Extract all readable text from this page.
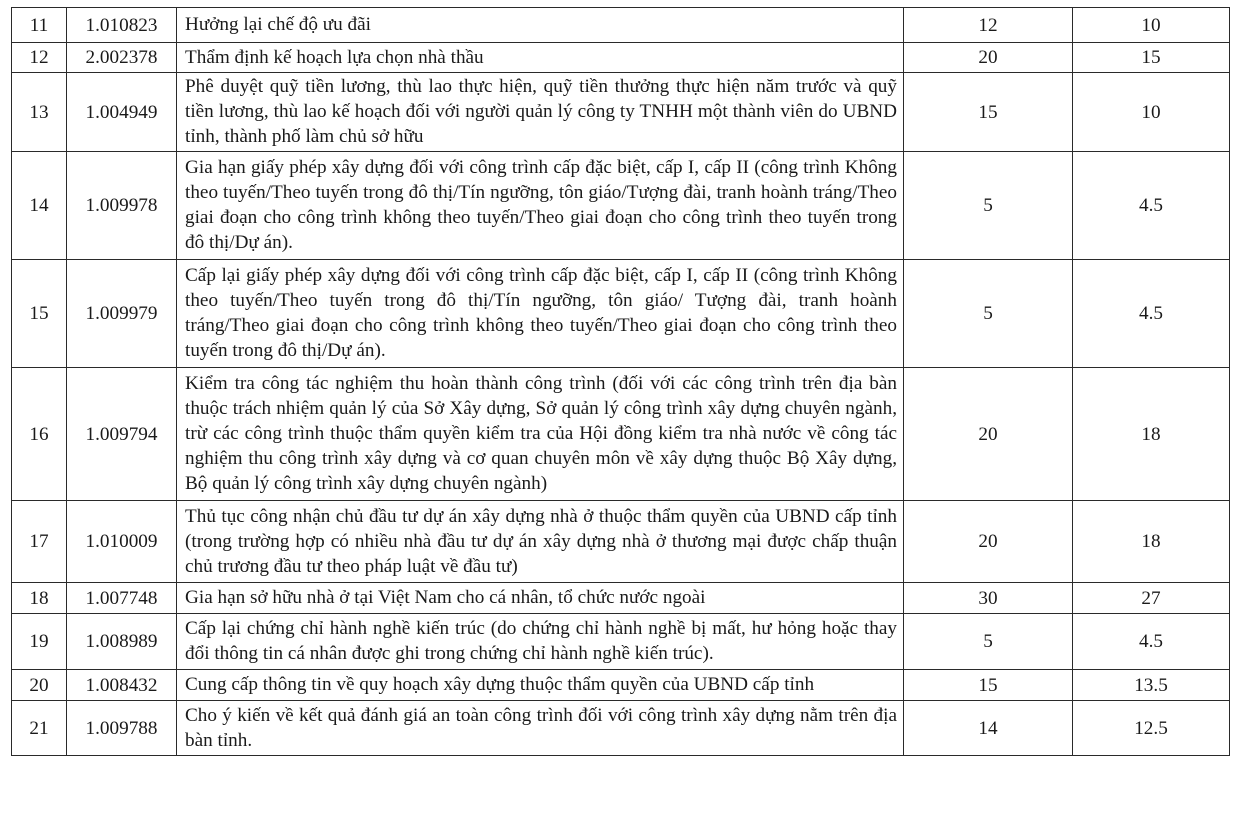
11	1.010823	Hưởng lại chế độ ưu đãi	12	10
12	2.002378	Thẩm định kế hoạch lựa chọn nhà thầu	20	15
13	1.004949	Phê duyệt quỹ tiền lương, thù lao thực hiện, quỹ tiền thưởng thực hiện năm trước và quỹ tiền lương, thù lao kế hoạch đối với người quản lý công ty TNHH một thành viên do UBND tỉnh, thành phố làm chủ sở hữu	15	10
14	1.009978	Gia hạn giấy phép xây dựng đối với công trình cấp đặc biệt, cấp I, cấp II (công trình Không theo tuyến/Theo tuyến trong đô thị/Tín ngưỡng, tôn giáo/Tượng đài, tranh hoành tráng/Theo giai đoạn cho công trình không theo tuyến/Theo giai đoạn cho công trình theo tuyến trong đô thị/Dự án).	5	4.5
15	1.009979	Cấp lại giấy phép xây dựng đối với công trình cấp đặc biệt, cấp I, cấp II (công trình Không theo tuyến/Theo tuyến trong đô thị/Tín ngưỡng, tôn giáo/ Tượng đài, tranh hoành tráng/Theo giai đoạn cho công trình không theo tuyến/Theo giai đoạn cho công trình theo tuyến trong đô thị/Dự án).	5	4.5
16	1.009794	Kiểm tra công tác nghiệm thu hoàn thành công trình (đối với các công trình trên địa bàn thuộc trách nhiệm quản lý của Sở Xây dựng, Sở quản lý công trình xây dựng chuyên ngành, trừ các công trình thuộc thẩm quyền kiểm tra của Hội đồng kiểm tra nhà nước về công tác nghiệm thu công trình xây dựng và cơ quan chuyên môn về xây dựng thuộc Bộ Xây dựng, Bộ quản lý công trình xây dựng chuyên ngành)	20	18
17	1.010009	Thủ tục công nhận chủ đầu tư dự án xây dựng nhà ở thuộc thẩm quyền của UBND cấp tỉnh (trong trường hợp có nhiều nhà đầu tư dự án xây dựng nhà ở thương mại được chấp thuận chủ trương đầu tư theo pháp luật về đầu tư)	20	18
18	1.007748	Gia hạn sở hữu nhà ở tại Việt Nam cho cá nhân, tổ chức nước ngoài	30	27
19	1.008989	Cấp lại chứng chỉ hành nghề kiến trúc (do chứng chỉ hành nghề bị mất, hư hỏng hoặc thay đổi thông tin cá nhân được ghi trong chứng chỉ hành nghề kiến trúc).	5	4.5
20	1.008432	Cung cấp thông tin về quy hoạch xây dựng thuộc thẩm quyền của UBND cấp tỉnh	15	13.5
21	1.009788	Cho ý kiến về kết quả đánh giá an toàn công trình đối với công trình xây dựng nằm trên địa bàn tỉnh.	14	12.5
